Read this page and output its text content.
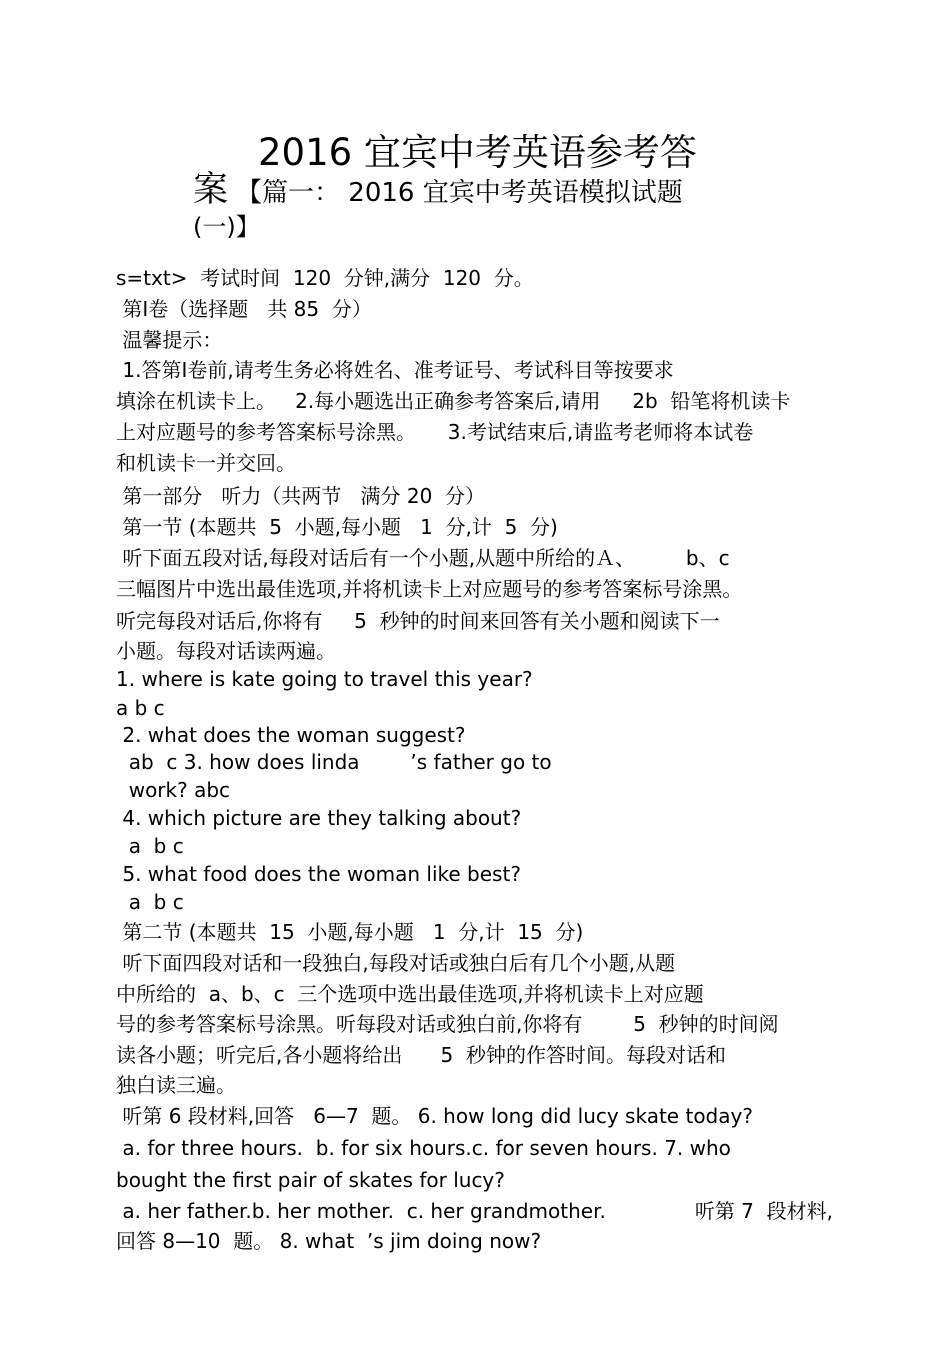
2016 宜宾中考英语参考答
案 【篇一： 2016 宜宾中考英语模拟试题
(一)】
s=txt>  考试时间  120  分钟,满分  120  分。
第Ⅰ卷（选择题   共 85  分）
温馨提示：
1.答第Ⅰ卷前,请考生务必将姓名、准考证号、考试科目等按要求
填涂在机读卡上。   2.每小题选出正确参考答案后,请用     2b  铅笔将机读卡
上对应题号的参考答案标号涂黑。     3.考试结束后,请监考老师将本试卷
和机读卡一并交回。
第一部分   听力（共两节   满分 20  分）
第一节 (本题共  5  小题,每小题   1  分,计  5  分)
听下面五段对话,每段对话后有一个小题,从题中所给的Ａ、        b、c
三幅图片中选出最佳选项,并将机读卡上对应题号的参考答案标号涂黑。
听完每段对话后,你将有     5  秒钟的时间来回答有关小题和阅读下一
小题。每段对话读两遍。
1. where is kate going to travel this year?
a b c
2. what does the woman suggest?
ab  c 3. how does linda        ’s father go to
work? abc
4. which picture are they talking about?
a  b c
5. what food does the woman like best?
a  b c
第二节 (本题共  15  小题,每小题   1  分,计  15  分)
听下面四段对话和一段独白,每段对话或独白后有几个小题,从题
中所给的  a、b、c  三个选项中选出最佳选项,并将机读卡上对应题
号的参考答案标号涂黑。听每段对话或独白前,你将有        5  秒钟的时间阅
读各小题；听完后,各小题将给出      5  秒钟的作答时间。每段对话和
独白读三遍。
听第 6 段材料,回答   6—7  题。 6. how long did lucy skate today?
a. for three hours.  b. for six hours.c. for seven hours. 7. who
bought the first pair of skates for lucy?
a. her father.b. her mother.  c. her grandmother.              听第 7  段材料,
回答 8—10  题。 8. what  ’s jim doing now?
